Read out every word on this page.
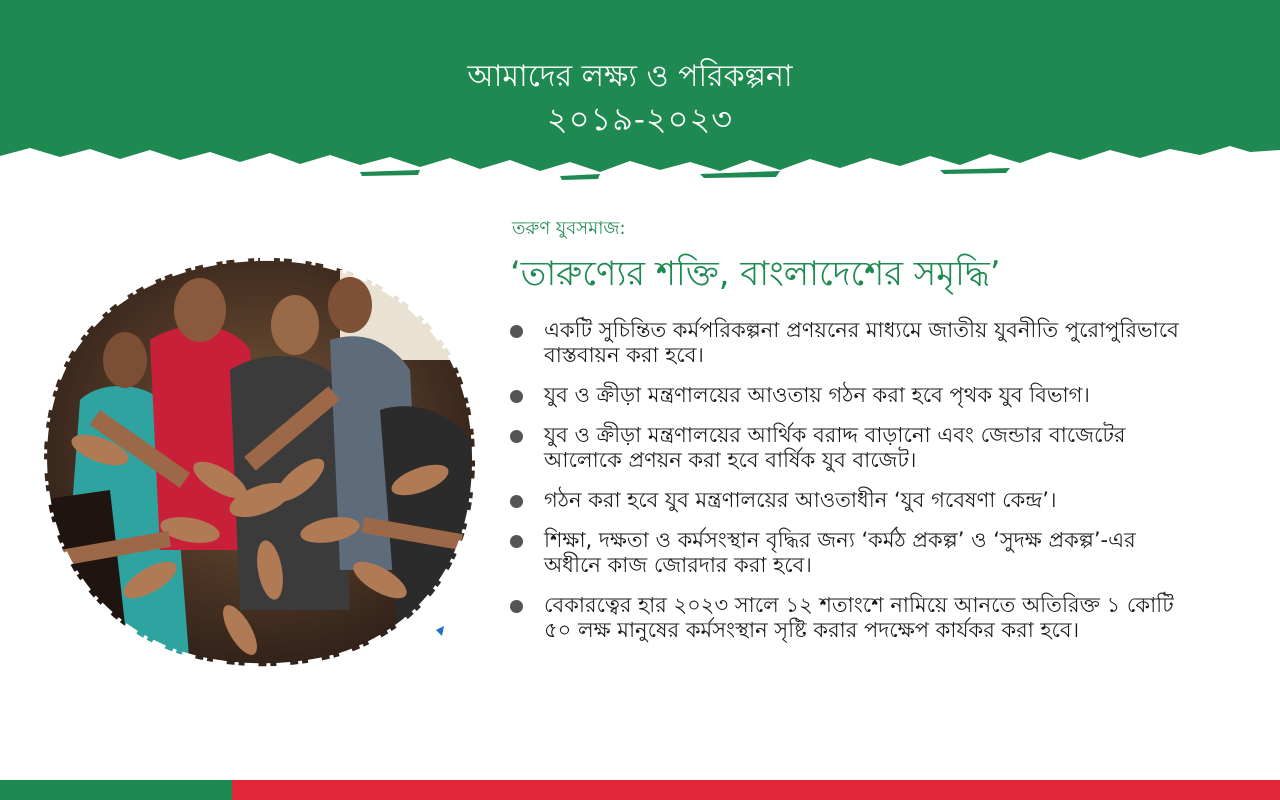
আমাদের লক্ষ্য ও পরিকল্পনা
২০১৯-২০২৩
তরুণ যুবসমাজ:
‘তারুণ্যের শক্তি, বাংলাদেশের সমৃদ্ধি’
একটি সুচিন্তিত কর্মপরিকল্পনা প্রণয়নের মাধ্যমে জাতীয় যুবনীতি পুরোপুরিভাবে বাস্তবায়ন করা হবে।
যুব ও ক্রীড়া মন্ত্রণালয়ের আওতায় গঠন করা হবে পৃথক যুব বিভাগ।
যুব ও ক্রীড়া মন্ত্রণালয়ের আর্থিক বরাদ্দ বাড়ানো এবং জেন্ডার বাজেটের আলোকে প্রণয়ন করা হবে বার্ষিক যুব বাজেট।
গঠন করা হবে যুব মন্ত্রণালয়ের আওতাধীন ‘যুব গবেষণা কেন্দ্র’।
শিক্ষা, দক্ষতা ও কর্মসংস্থান বৃদ্ধির জন্য ‘কর্মঠ প্রকল্প’ ও ‘সুদক্ষ প্রকল্প’-এর অধীনে কাজ জোরদার করা হবে।
বেকারত্বের হার ২০২৩ সালে ১২ শতাংশে নামিয়ে আনতে অতিরিক্ত ১ কোটি ৫০ লক্ষ মানুষের কর্মসংস্থান সৃষ্টি করার পদক্ষেপ কার্যকর করা হবে।
